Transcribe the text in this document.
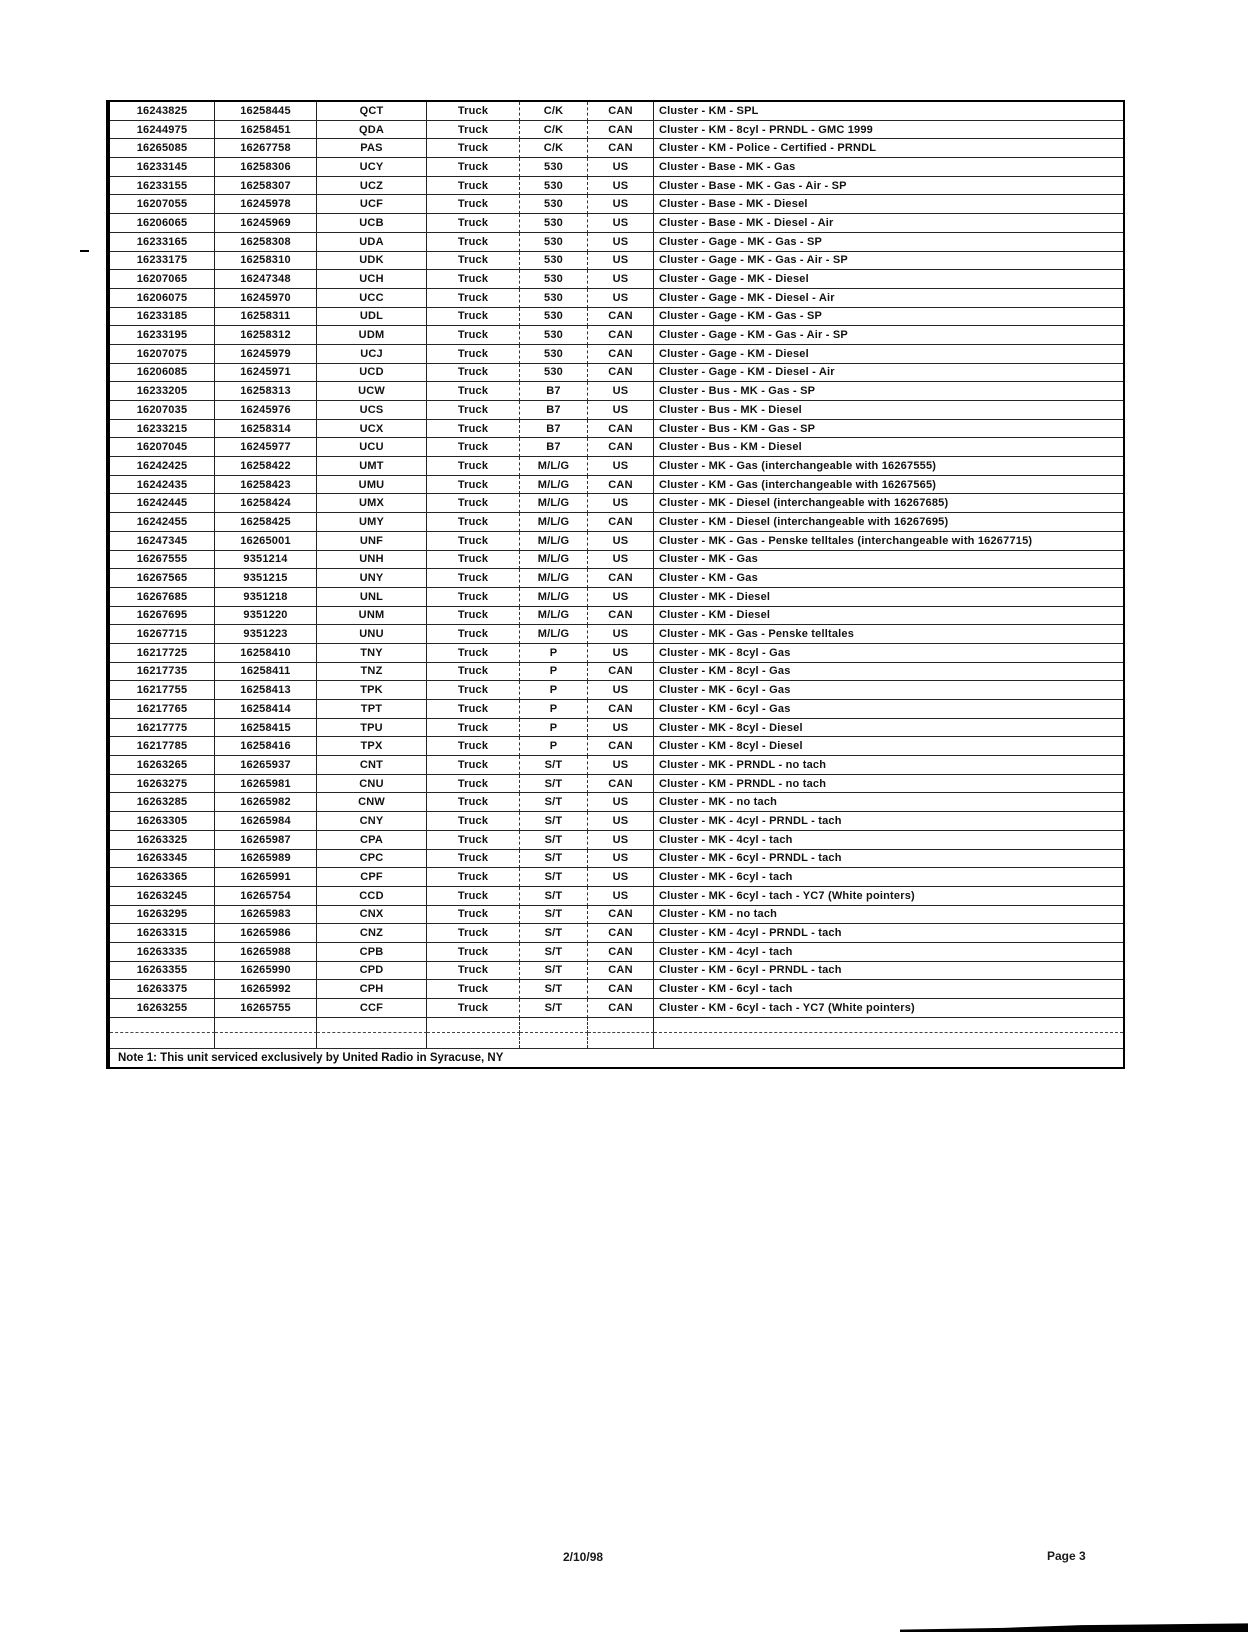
16243825	16258445	QCT	Truck	C/K	CAN	Cluster - KM - SPL
16244975	16258451	QDA	Truck	C/K	CAN	Cluster - KM - 8cyl - PRNDL - GMC 1999
16265085	16267758	PAS	Truck	C/K	CAN	Cluster - KM - Police - Certified - PRNDL
16233145	16258306	UCY	Truck	530	US	Cluster - Base - MK - Gas
16233155	16258307	UCZ	Truck	530	US	Cluster - Base - MK - Gas - Air - SP
16207055	16245978	UCF	Truck	530	US	Cluster - Base - MK - Diesel
16206065	16245969	UCB	Truck	530	US	Cluster - Base - MK - Diesel - Air
16233165	16258308	UDA	Truck	530	US	Cluster - Gage - MK - Gas - SP
16233175	16258310	UDK	Truck	530	US	Cluster - Gage - MK - Gas - Air - SP
16207065	16247348	UCH	Truck	530	US	Cluster - Gage - MK - Diesel
16206075	16245970	UCC	Truck	530	US	Cluster - Gage - MK - Diesel - Air
16233185	16258311	UDL	Truck	530	CAN	Cluster - Gage - KM - Gas - SP
16233195	16258312	UDM	Truck	530	CAN	Cluster - Gage - KM - Gas - Air - SP
16207075	16245979	UCJ	Truck	530	CAN	Cluster - Gage - KM - Diesel
16206085	16245971	UCD	Truck	530	CAN	Cluster - Gage - KM - Diesel - Air
16233205	16258313	UCW	Truck	B7	US	Cluster - Bus - MK - Gas - SP
16207035	16245976	UCS	Truck	B7	US	Cluster - Bus - MK - Diesel
16233215	16258314	UCX	Truck	B7	CAN	Cluster - Bus - KM - Gas - SP
16207045	16245977	UCU	Truck	B7	CAN	Cluster - Bus - KM - Diesel
16242425	16258422	UMT	Truck	M/L/G	US	Cluster - MK - Gas (interchangeable with 16267555)
16242435	16258423	UMU	Truck	M/L/G	CAN	Cluster - KM - Gas (interchangeable with 16267565)
16242445	16258424	UMX	Truck	M/L/G	US	Cluster - MK - Diesel (interchangeable with 16267685)
16242455	16258425	UMY	Truck	M/L/G	CAN	Cluster - KM - Diesel (interchangeable with 16267695)
16247345	16265001	UNF	Truck	M/L/G	US	Cluster - MK - Gas - Penske telltales (interchangeable with 16267715)
16267555	9351214	UNH	Truck	M/L/G	US	Cluster - MK - Gas
16267565	9351215	UNY	Truck	M/L/G	CAN	Cluster - KM - Gas
16267685	9351218	UNL	Truck	M/L/G	US	Cluster - MK - Diesel
16267695	9351220	UNM	Truck	M/L/G	CAN	Cluster - KM - Diesel
16267715	9351223	UNU	Truck	M/L/G	US	Cluster - MK - Gas - Penske telltales
16217725	16258410	TNY	Truck	P	US	Cluster - MK - 8cyl - Gas
16217735	16258411	TNZ	Truck	P	CAN	Cluster - KM - 8cyl - Gas
16217755	16258413	TPK	Truck	P	US	Cluster - MK - 6cyl - Gas
16217765	16258414	TPT	Truck	P	CAN	Cluster - KM - 6cyl - Gas
16217775	16258415	TPU	Truck	P	US	Cluster - MK - 8cyl - Diesel
16217785	16258416	TPX	Truck	P	CAN	Cluster - KM - 8cyl - Diesel
16263265	16265937	CNT	Truck	S/T	US	Cluster - MK - PRNDL - no tach
16263275	16265981	CNU	Truck	S/T	CAN	Cluster - KM - PRNDL - no tach
16263285	16265982	CNW	Truck	S/T	US	Cluster - MK - no tach
16263305	16265984	CNY	Truck	S/T	US	Cluster - MK - 4cyl - PRNDL - tach
16263325	16265987	CPA	Truck	S/T	US	Cluster - MK - 4cyl - tach
16263345	16265989	CPC	Truck	S/T	US	Cluster - MK - 6cyl - PRNDL - tach
16263365	16265991	CPF	Truck	S/T	US	Cluster - MK - 6cyl - tach
16263245	16265754	CCD	Truck	S/T	US	Cluster - MK - 6cyl - tach - YC7 (White pointers)
16263295	16265983	CNX	Truck	S/T	CAN	Cluster - KM - no tach
16263315	16265986	CNZ	Truck	S/T	CAN	Cluster - KM - 4cyl - PRNDL - tach
16263335	16265988	CPB	Truck	S/T	CAN	Cluster - KM - 4cyl - tach
16263355	16265990	CPD	Truck	S/T	CAN	Cluster - KM - 6cyl - PRNDL - tach
16263375	16265992	CPH	Truck	S/T	CAN	Cluster - KM - 6cyl - tach
16263255	16265755	CCF	Truck	S/T	CAN	Cluster - KM - 6cyl - tach - YC7 (White pointers)
Note 1: This unit serviced exclusively by United Radio in Syracuse, NY
2/10/98	Page 3
